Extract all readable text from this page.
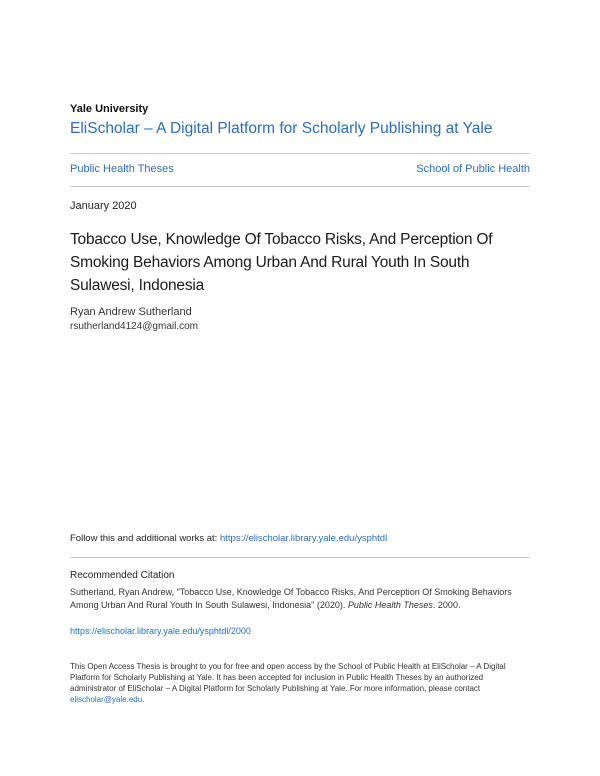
Yale University
EliScholar – A Digital Platform for Scholarly Publishing at Yale
Public Health Theses	School of Public Health
January 2020
Tobacco Use, Knowledge Of Tobacco Risks, And Perception Of Smoking Behaviors Among Urban And Rural Youth In South Sulawesi, Indonesia
Ryan Andrew Sutherland
rsutherland4124@gmail.com
Follow this and additional works at: https://elischolar.library.yale.edu/ysphtdl
Recommended Citation
Sutherland, Ryan Andrew, "Tobacco Use, Knowledge Of Tobacco Risks, And Perception Of Smoking Behaviors Among Urban And Rural Youth In South Sulawesi, Indonesia" (2020). Public Health Theses. 2000.
https://elischolar.library.yale.edu/ysphtdl/2000
This Open Access Thesis is brought to you for free and open access by the School of Public Health at EliScholar – A Digital Platform for Scholarly Publishing at Yale. It has been accepted for inclusion in Public Health Theses by an authorized administrator of EliScholar – A Digital Platform for Scholarly Publishing at Yale. For more information, please contact elischolar@yale.edu.
